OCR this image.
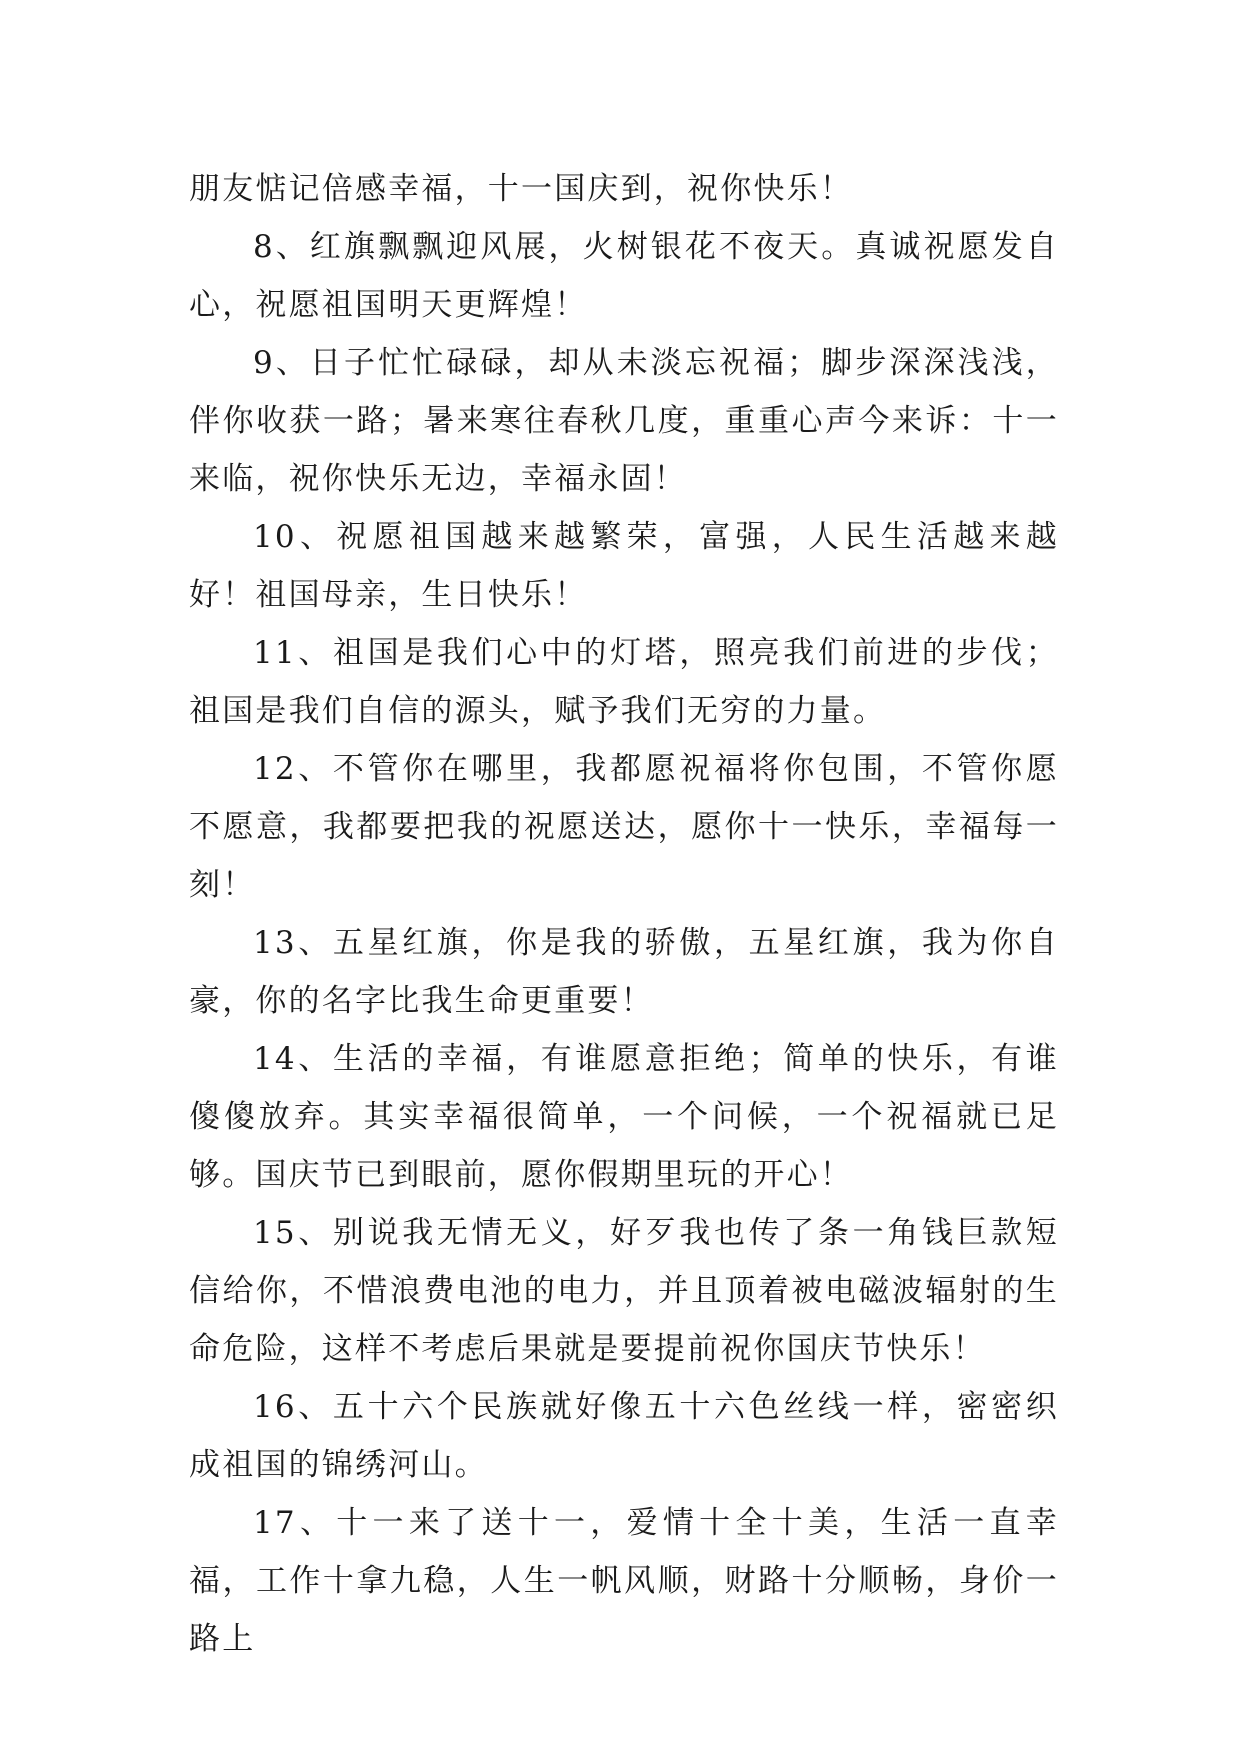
朋友惦记倍感幸福，十一国庆到，祝你快乐！

8、红旗飘飘迎风展，火树银花不夜天。真诚祝愿发自心，祝愿祖国明天更辉煌！

9、日子忙忙碌碌，却从未淡忘祝福；脚步深深浅浅，伴你收获一路；暑来寒往春秋几度，重重心声今来诉：十一来临，祝你快乐无边，幸福永固！

10、祝愿祖国越来越繁荣，富强，人民生活越来越好！祖国母亲，生日快乐！

11、祖国是我们心中的灯塔，照亮我们前进的步伐；祖国是我们自信的源头，赋予我们无穷的力量。

12、不管你在哪里，我都愿祝福将你包围，不管你愿不愿意，我都要把我的祝愿送达，愿你十一快乐，幸福每一刻！

13、五星红旗，你是我的骄傲，五星红旗，我为你自豪，你的名字比我生命更重要！

14、生活的幸福，有谁愿意拒绝；简单的快乐，有谁傻傻放弃。其实幸福很简单，一个问候，一个祝福就已足够。国庆节已到眼前，愿你假期里玩的开心！

15、别说我无情无义，好歹我也传了条一角钱巨款短信给你，不惜浪费电池的电力，并且顶着被电磁波辐射的生命危险，这样不考虑后果就是要提前祝你国庆节快乐！

16、五十六个民族就好像五十六色丝线一样，密密织成祖国的锦绣河山。

17、十一来了送十一，爱情十全十美，生活一直幸福，工作十拿九稳，人生一帆风顺，财路十分顺畅，身价一路上
